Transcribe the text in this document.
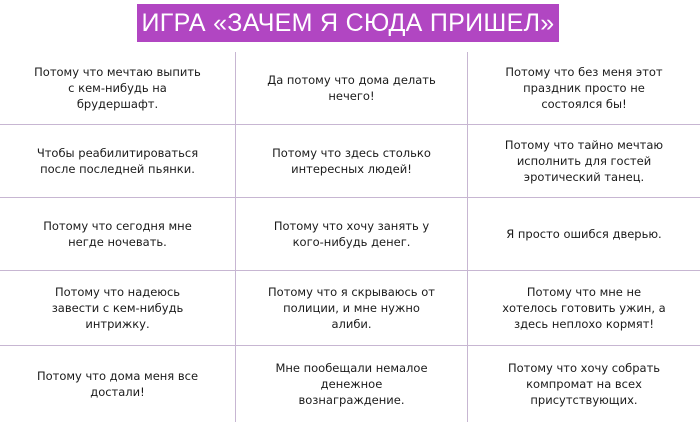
ИГРА «ЗАЧЕМ Я СЮДА ПРИШЕЛ»
Потому что мечтаю выпить
с кем-нибудь на
брудершафт.
Да потому что дома делать
нечего!
Потому что без меня этот
праздник просто не
состоялся бы!
Чтобы реабилитироваться
после последней пьянки.
Потому что здесь столько
интересных людей!
Потому что тайно мечтаю
исполнить для гостей
эротический танец.
Потому что сегодня мне
негде ночевать.
Потому что хочу занять у
кого-нибудь денег.
Я просто ошибся дверью.
Потому что надеюсь
завести с кем-нибудь
интрижку.
Потому что я скрываюсь от
полиции, и мне нужно
алиби.
Потому что мне не
хотелось готовить ужин, а
здесь неплохо кормят!
Потому что дома меня все
достали!
Мне пообещали немалое
денежное
вознаграждение.
Потому что хочу собрать
компромат на всех
присутствующих.
